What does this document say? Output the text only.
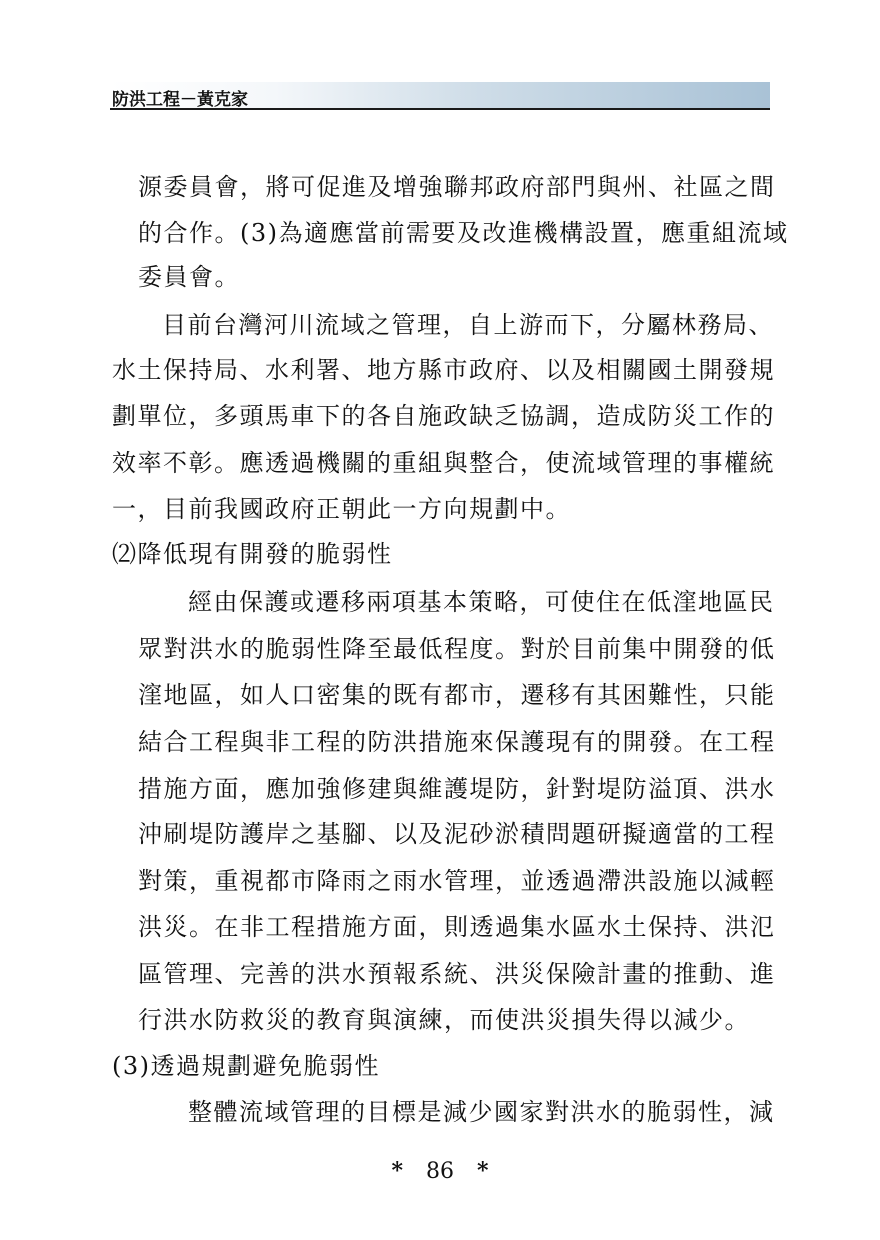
防洪工程－黃克家
源委員會，將可促進及增強聯邦政府部門與州、社區之間
的合作。(3)為適應當前需要及改進機構設置，應重組流域
委員會。
目前台灣河川流域之管理，自上游而下，分屬林務局、
水土保持局、水利署、地方縣市政府、以及相關國土開發規
劃單位，多頭馬車下的各自施政缺乏協調，造成防災工作的
效率不彰。應透過機關的重組與整合，使流域管理的事權統
一，目前我國政府正朝此一方向規劃中。
⑵降低現有開發的脆弱性
經由保護或遷移兩項基本策略，可使住在低漥地區民
眾對洪水的脆弱性降至最低程度。對於目前集中開發的低
漥地區，如人口密集的既有都市，遷移有其困難性，只能
結合工程與非工程的防洪措施來保護現有的開發。在工程
措施方面，應加強修建與維護堤防，針對堤防溢頂、洪水
沖刷堤防護岸之基腳、以及泥砂淤積問題研擬適當的工程
對策，重視都市降雨之雨水管理，並透過滯洪設施以減輕
洪災。在非工程措施方面，則透過集水區水土保持、洪氾
區管理、完善的洪水預報系統、洪災保險計畫的推動、進
行洪水防救災的教育與演練，而使洪災損失得以減少。
(3)透過規劃避免脆弱性
整體流域管理的目標是減少國家對洪水的脆弱性，減
* 86 *
